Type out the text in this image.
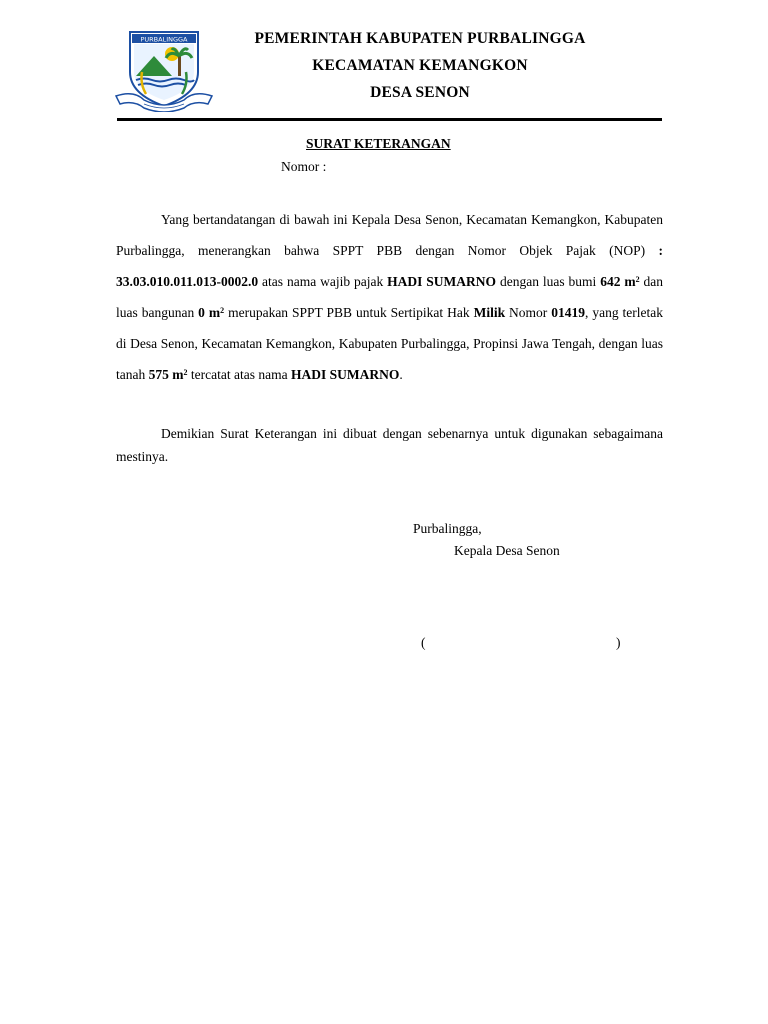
PURBALINGGA	PEMERINTAH KABUPATEN PURBALINGGA
KECAMATAN KEMANGKON
DESA SENON
SURAT KETERANGAN
Nomor :
Yang bertandatangan di bawah ini Kepala Desa Senon, Kecamatan Kemangkon, Kabupaten Purbalingga, menerangkan bahwa SPPT PBB dengan Nomor Objek Pajak (NOP) : 33.03.010.011.013-0002.0 atas nama wajib pajak HADI SUMARNO dengan luas bumi 642 $m^2$ dan luas bangunan 0 $m^2$ merupakan SPPT PBB untuk Sertipikat Hak Milik Nomor 01419, yang terletak di Desa Senon, Kecamatan Kemangkon, Kabupaten Purbalingga, Propinsi Jawa Tengah, dengan luas tanah 575 $m^2$ tercatat atas nama HADI SUMARNO.
Demikian Surat Keterangan ini dibuat dengan sebenarnya untuk digunakan sebagaimana mestinya.
Purbalingga,
Kepala Desa Senon
(	)
